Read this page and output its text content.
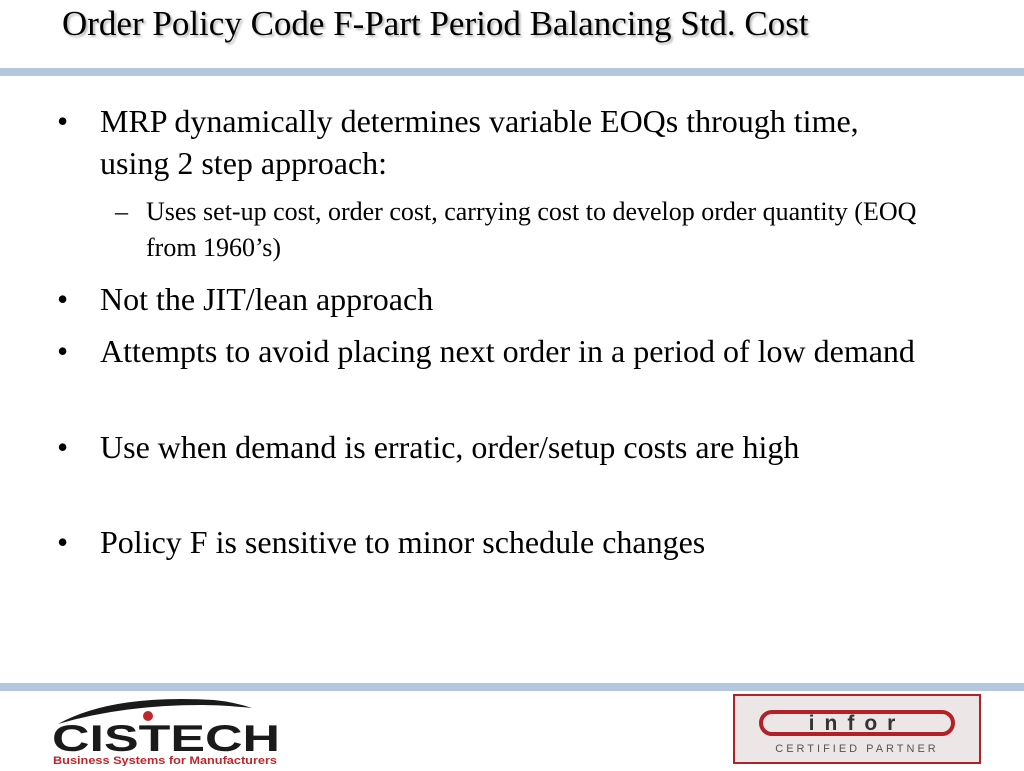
Order Policy Code F-Part Period Balancing Std. Cost
• MRP dynamically determines variable EOQs through time, using 2 step approach:
– Uses set-up cost, order cost, carrying cost to develop order quantity (EOQ from 1960’s)
• Not the JIT/lean approach
• Attempts to avoid placing next order in a period of low demand
• Use when demand is erratic, order/setup costs are high
• Policy F is sensitive to minor schedule changes
CISTECH
Business Systems for Manufacturers
infor
CERTIFIED PARTNER
